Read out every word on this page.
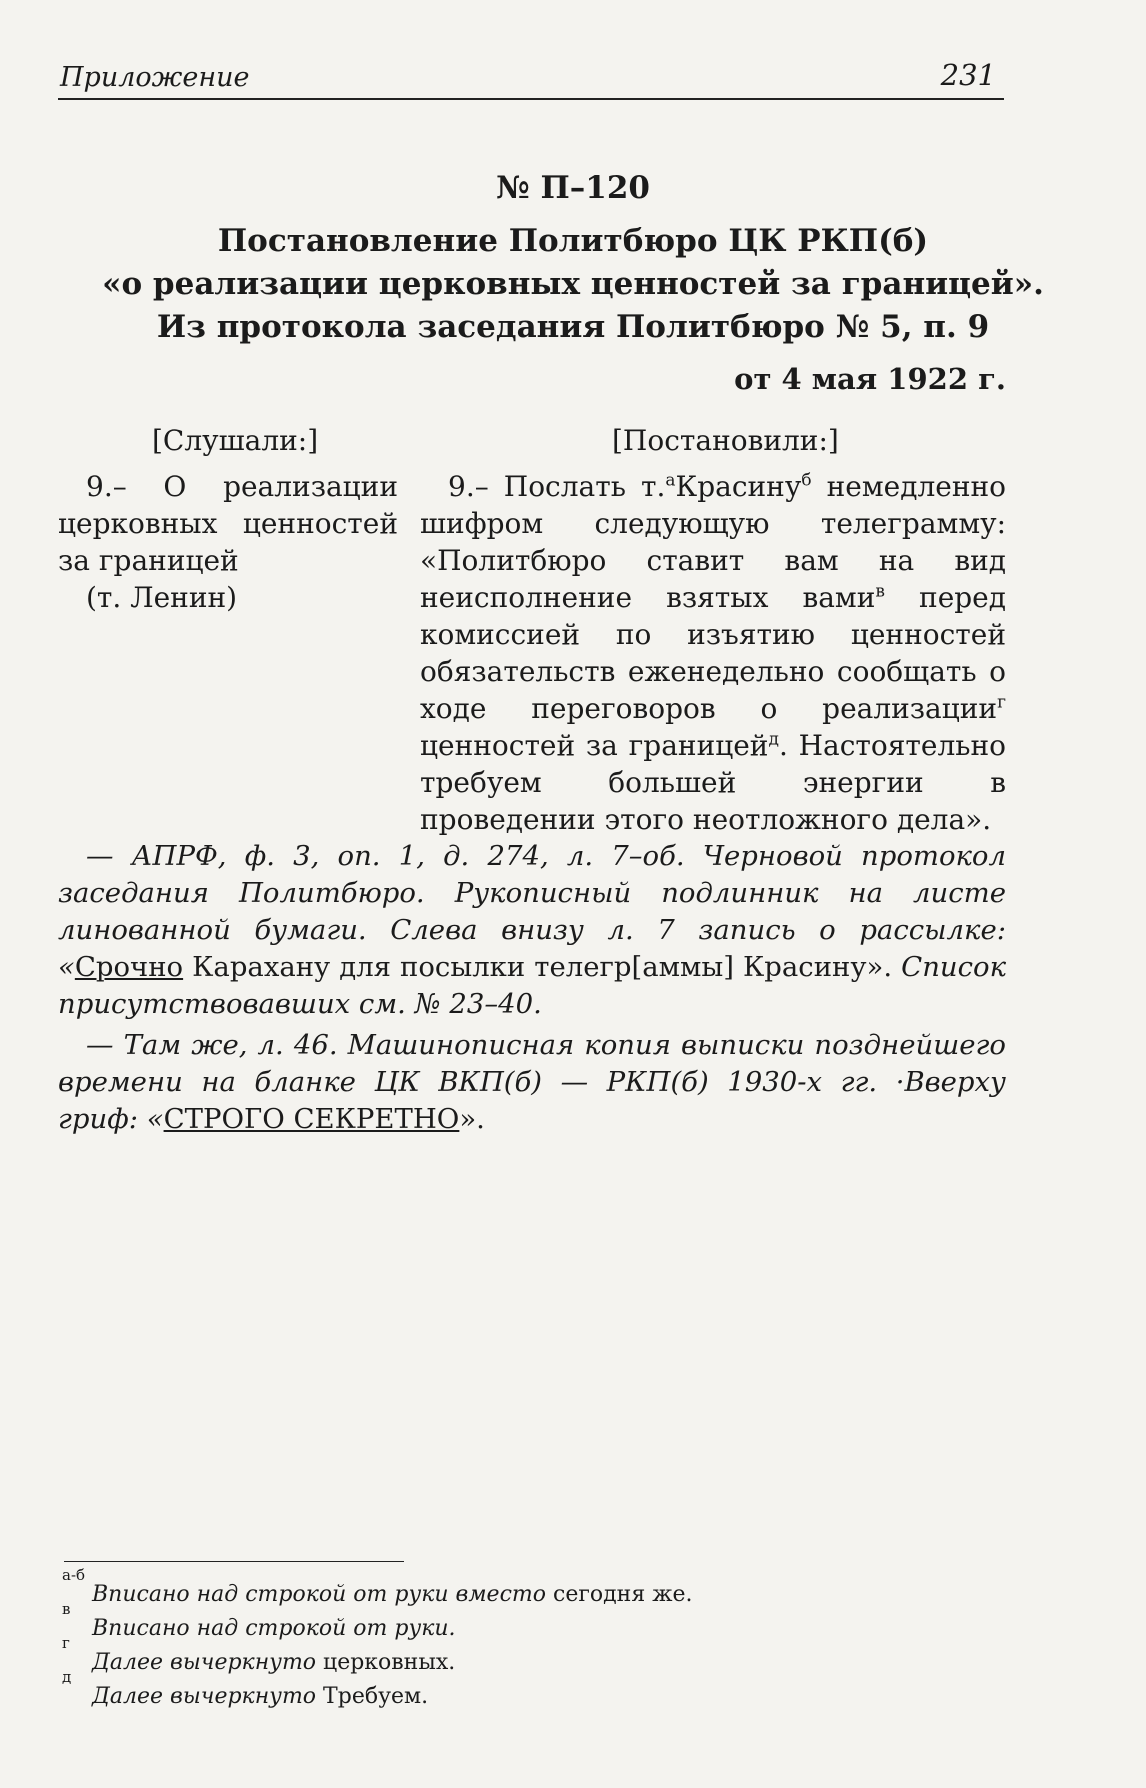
Приложение	231
№ П–120
Постановление Политбюро ЦК РКП(б)
«о реализации церковных ценностей за границей».
Из протокола заседания Политбюро № 5, п. 9
от 4 мая 1922 г.
[Слушали:]	[Постановили:]
9.– О реализации церковных ценностей за границей
(т. Ленин)

9.– Послать т.$^а$Красину$^б$ немедленно шифром следующую телеграмму: «Политбюро ставит вам на вид неисполнение взятых вами$^в$ перед комиссией по изъятию ценностей обязательств еженедельно сообщать о ходе переговоров о реализации$^г$ ценностей за границей$^д$. Настоятельно требуем большей энергии в проведении этого неотложного дела».

— АПРФ, ф. 3, оп. 1, д. 274, л. 7–об. Черновой протокол заседания Политбюро. Рукописный подлинник на листе линованной бумаги. Слева внизу л. 7 запись о рассылке: «Срочно Карахану для посылки телегр[аммы] Красину». Список присутствовавших см. № 23–40.

— Там же, л. 46. Машинописная копия выписки позднейшего времени на бланке ЦК ВКП(б) — РКП(б) 1930-х гг. ·Вверху гриф: «СТРОГО СЕКРЕТНО».

а-б
Вписано над строкой от руки вместо сегодня же.
в
Вписано над строкой от руки.
г
Далее вычеркнуто церковных.
д
Далее вычеркнуто Требуем.
